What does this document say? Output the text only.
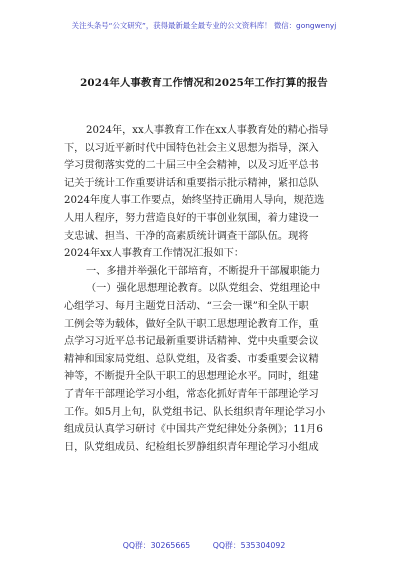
关注头条号“公文研究”，获得最新最全最专业的公文资料库！ 微信：gongwenyj
2024年人事教育工作情况和2025年工作打算的报告
2024年，xx人事教育工作在xx人事教育处的精心指导
下，以习近平新时代中国特色社会主义思想为指导，深入
学习贯彻落实党的二十届三中全会精神，以及习近平总书
记关于统计工作重要讲话和重要指示批示精神，紧扣总队
2024年度人事工作要点，始终坚持正确用人导向，规范选
人用人程序，努力营造良好的干事创业氛围，着力建设一
支忠诚、担当、干净的高素质统计调查干部队伍。现将
2024年xx人事教育工作情况汇报如下：
一、多措并举强化干部培育，不断提升干部履职能力
（一）强化思想理论教育。以队党组会、党组理论中
心组学习、每月主题党日活动、“三会一课”和全队干职
工例会等为载体，做好全队干职工思想理论教育工作，重
点学习习近平总书记最新重要讲话精神、党中央重要会议
精神和国家局党组、总队党组，及省委、市委重要会议精
神等，不断提升全队干职工的思想理论水平。同时，组建
了青年干部理论学习小组，常态化抓好青年干部理论学习
工作。如5月上旬，队党组书记、队长组织青年理论学习小
组成员认真学习研讨《中国共产党纪律处分条例》；11月6
日，队党组成员、纪检组长罗静组织青年理论学习小组成
QQ群：30265665	QQ群：535304092
